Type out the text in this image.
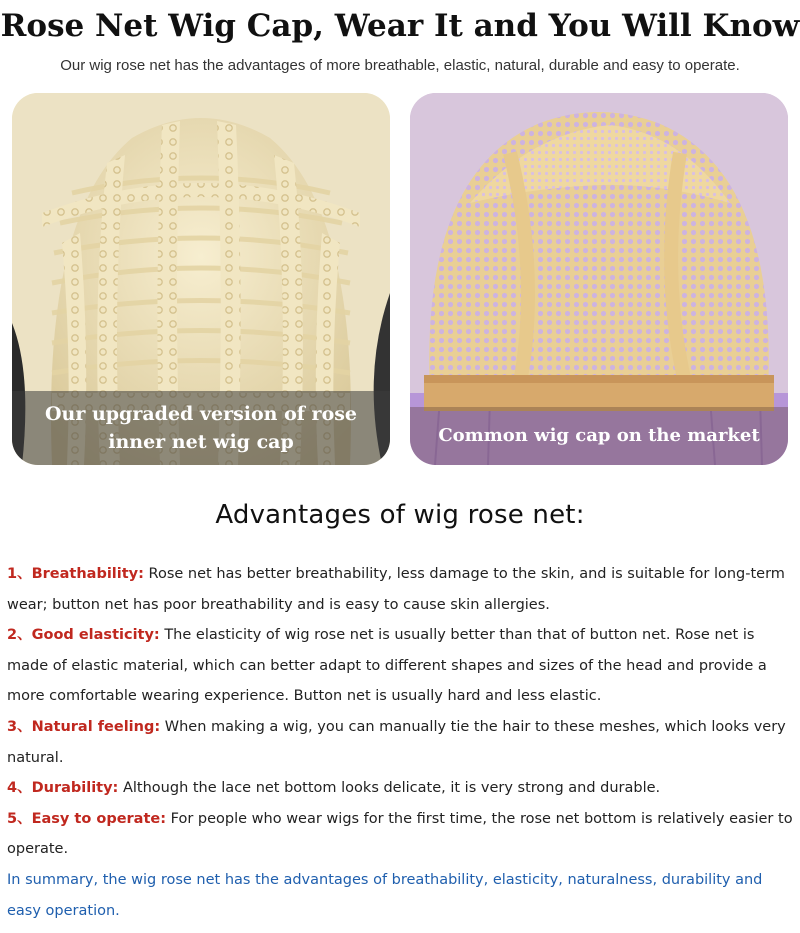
Rose Net Wig Cap, Wear It and You Will Know
Our wig rose net has the advantages of more breathable, elastic, natural, durable and easy to operate.
Our upgraded version of rose
inner net wig cap	Common wig cap on the market
Advantages of wig rose net:
1、Breathability: Rose net has better breathability, less damage to the skin, and is suitable for long-term wear; button net has poor breathability and is easy to cause skin allergies.
2、Good elasticity: The elasticity of wig rose net is usually better than that of button net. Rose net is made of elastic material, which can better adapt to different shapes and sizes of the head and provide a more comfortable wearing experience. Button net is usually hard and less elastic.
3、Natural feeling: When making a wig, you can manually tie the hair to these meshes, which looks very natural.
4、Durability: Although the lace net bottom looks delicate, it is very strong and durable.
5、Easy to operate: For people who wear wigs for the first time, the rose net bottom is relatively easier to operate.
In summary, the wig rose net has the advantages of breathability, elasticity, naturalness, durability and easy operation.
